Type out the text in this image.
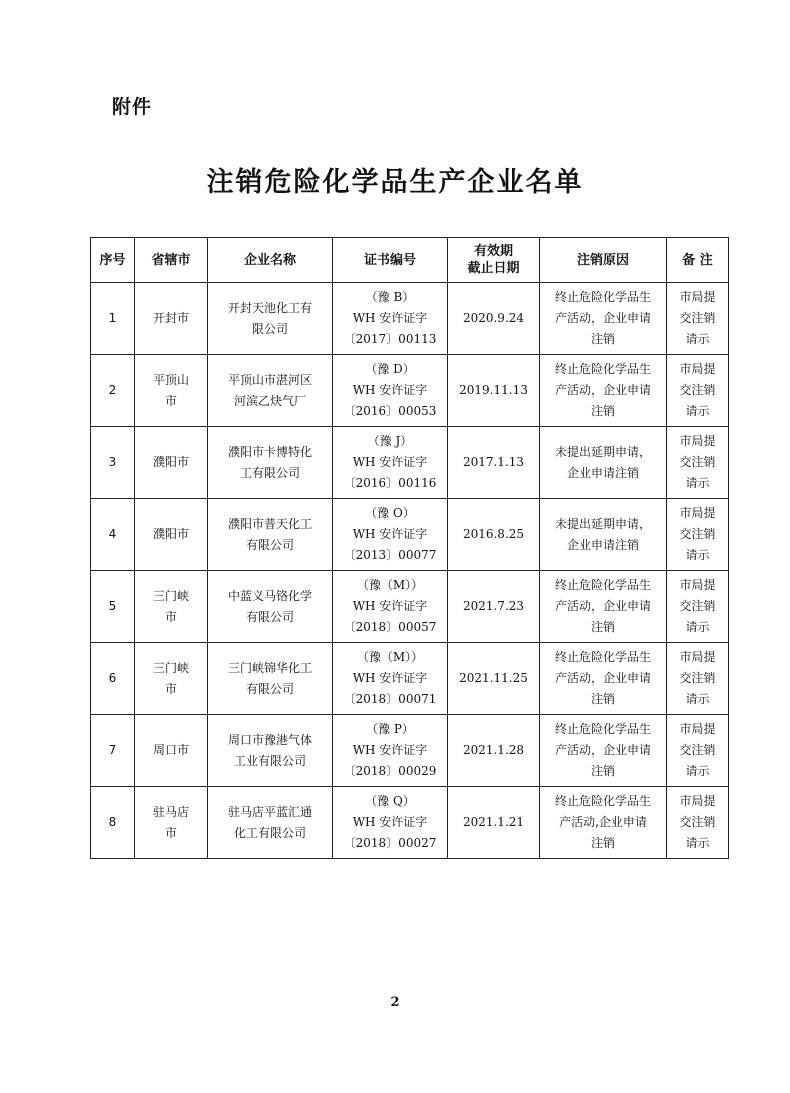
附件
注销危险化学品生产企业名单
序号	省辖市	企业名称	证书编号	有效期
截止日期	注销原因	备 注
1	开封市	开封天池化工有
限公司	（豫 B）
WH 安许证字
〔2017〕00113	2020.9.24	终止危险化学品生
产活动，企业申请
注销	市局提
交注销
请示

2	平顶山
市	平顶山市湛河区
河滨乙炔气厂	（豫 D）
WH 安许证字
〔2016〕00053	2019.11.13	终止危险化学品生
产活动，企业申请
注销	市局提
交注销
请示

3	濮阳市	濮阳市卡博特化
工有限公司	（豫 J）
WH 安许证字
〔2016〕00116	2017.1.13	未提出延期申请，
企业申请注销	市局提
交注销
请示

4	濮阳市	濮阳市普天化工
有限公司	（豫 O）
WH 安许证字
〔2013〕00077	2016.8.25	未提出延期申请，
企业申请注销	市局提
交注销
请示

5	三门峡
市	中蓝义马铬化学
有限公司	（豫（M））
WH 安许证字
〔2018〕00057	2021.7.23	终止危险化学品生
产活动，企业申请
注销	市局提
交注销
请示

6	三门峡
市	三门峡锦华化工
有限公司	（豫（M））
WH 安许证字
〔2018〕00071	2021.11.25	终止危险化学品生
产活动，企业申请
注销	市局提
交注销
请示

7	周口市	周口市豫港气体
工业有限公司	（豫 P）
WH 安许证字
〔2018〕00029	2021.1.28	终止危险化学品生
产活动，企业申请
注销	市局提
交注销
请示

8	驻马店
市	驻马店平蓝汇通
化工有限公司	（豫 Q）
WH 安许证字
〔2018〕00027	2021.1.21	终止危险化学品生
产活动,企业申请
注销	市局提
交注销
请示
2
